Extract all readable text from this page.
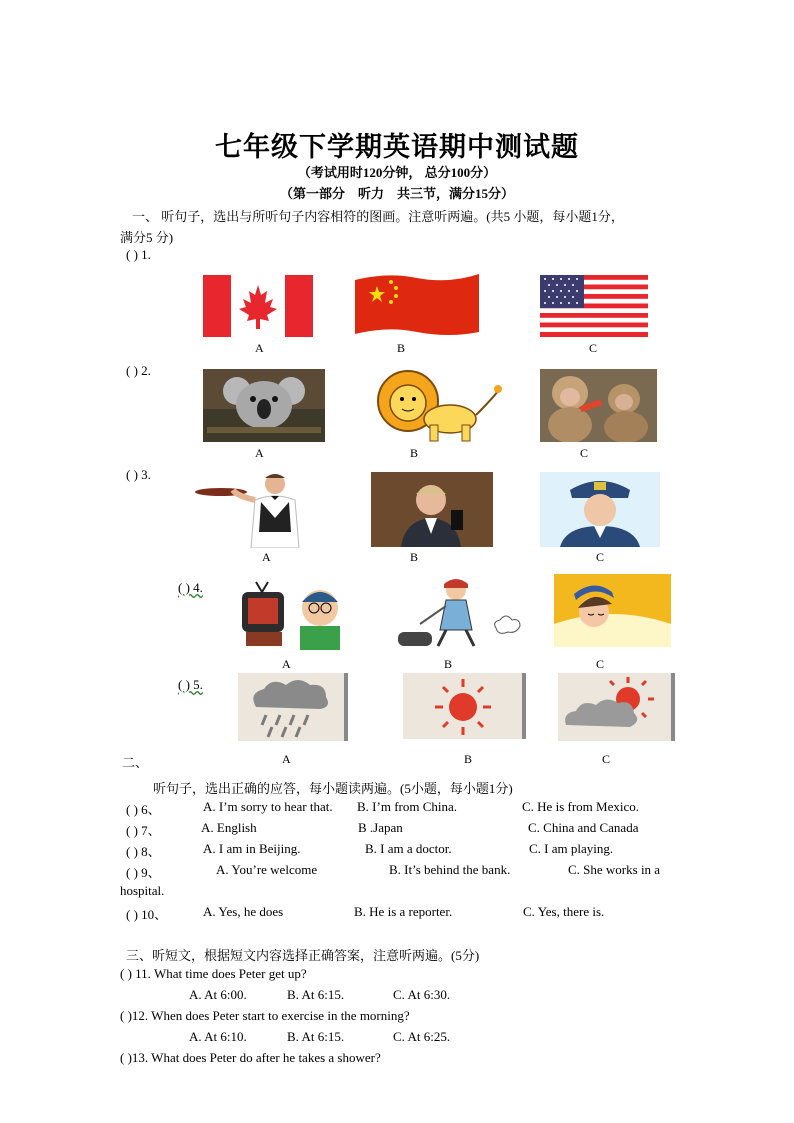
七年级下学期英语期中测试题
（考试用时120分钟， 总分100分）
（第一部分　听力　共三节，满分15分）
一、 听句子，选出与所听句子内容相符的图画。注意听两遍。(共5 小题，每小题1分，
满分5 分)
( ) 1.
A	B	C
( ) 2.
A	B	C
( ) 3.
A	B	C
( ) 4.
A	B	C
( ) 5.
A	B	C
二、
听句子，选出正确的应答，每小题读两遍。(5小题，每小题1分)
( ) 6、	A. I’m sorry to hear that. B. I’m from China.	C. He is from Mexico.
( ) 7、	A. English	B .Japan	C. China and Canada
( ) 8、	A. I am in Beijing.	B. I am a doctor.	C. I am playing.
( ) 9、	A. You’re welcome	B. It’s behind the bank.	C. She works in a
hospital.
( ) 10、	A. Yes, he does	B. He is a reporter.	C. Yes, there is.
三、听短文，根据短文内容选择正确答案，注意听两遍。(5分)
( ) 11. What time does Peter get up?
A. At 6:00.	B. At 6:15.	C. At 6:30.
( )12. When does Peter start to exercise in the morning?
A. At 6:10.	B. At 6:15.	C. At 6:25.
( )13. What does Peter do after he takes a shower?
